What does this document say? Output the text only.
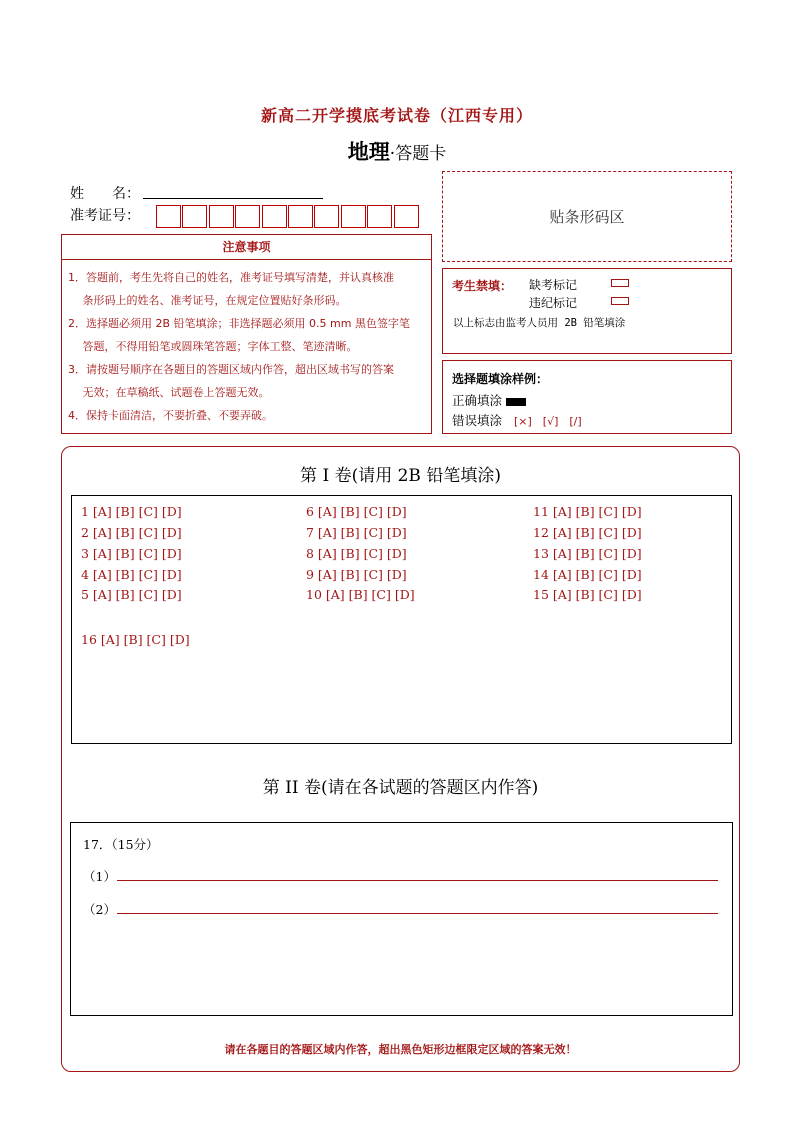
新高二开学摸底考试卷（江西专用）
地理·答题卡
姓　　名：
准考证号：
注意事项
1．答题前，考生先将自己的姓名，准考证号填写清楚，并认真核准
　 条形码上的姓名、准考证号，在规定位置贴好条形码。
2．选择题必须用 2B 铅笔填涂；非选择题必须用 0.5 mm 黑色签字笔
　 答题，不得用铅笔或圆珠笔答题；字体工整、笔迹清晰。
3．请按题号顺序在各题目的答题区域内作答，超出区域书写的答案
　 无效；在草稿纸、试题卷上答题无效。
4．保持卡面清洁，不要折叠、不要弄破。
贴条形码区
考生禁填： 缺考标记
违纪标记
以上标志由监考人员用 2B 铅笔填涂
选择题填涂样例：
正确填涂
错误填涂 [×]　[√]　[/]
第 I 卷(请用 2B 铅笔填涂)
1 [A] [B] [C] [D]
2 [A] [B] [C] [D]
3 [A] [B] [C] [D]
4 [A] [B] [C] [D]
5 [A] [B] [C] [D]
6 [A] [B] [C] [D]
7 [A] [B] [C] [D]
8 [A] [B] [C] [D]
9 [A] [B] [C] [D]
10 [A] [B] [C] [D]
11 [A] [B] [C] [D]
12 [A] [B] [C] [D]
13 [A] [B] [C] [D]
14 [A] [B] [C] [D]
15 [A] [B] [C] [D]
16 [A] [B] [C] [D]
第 II 卷(请在各试题的答题区内作答)
17．（15分）
（1）
（2）
请在各题目的答题区域内作答，超出黑色矩形边框限定区域的答案无效！
